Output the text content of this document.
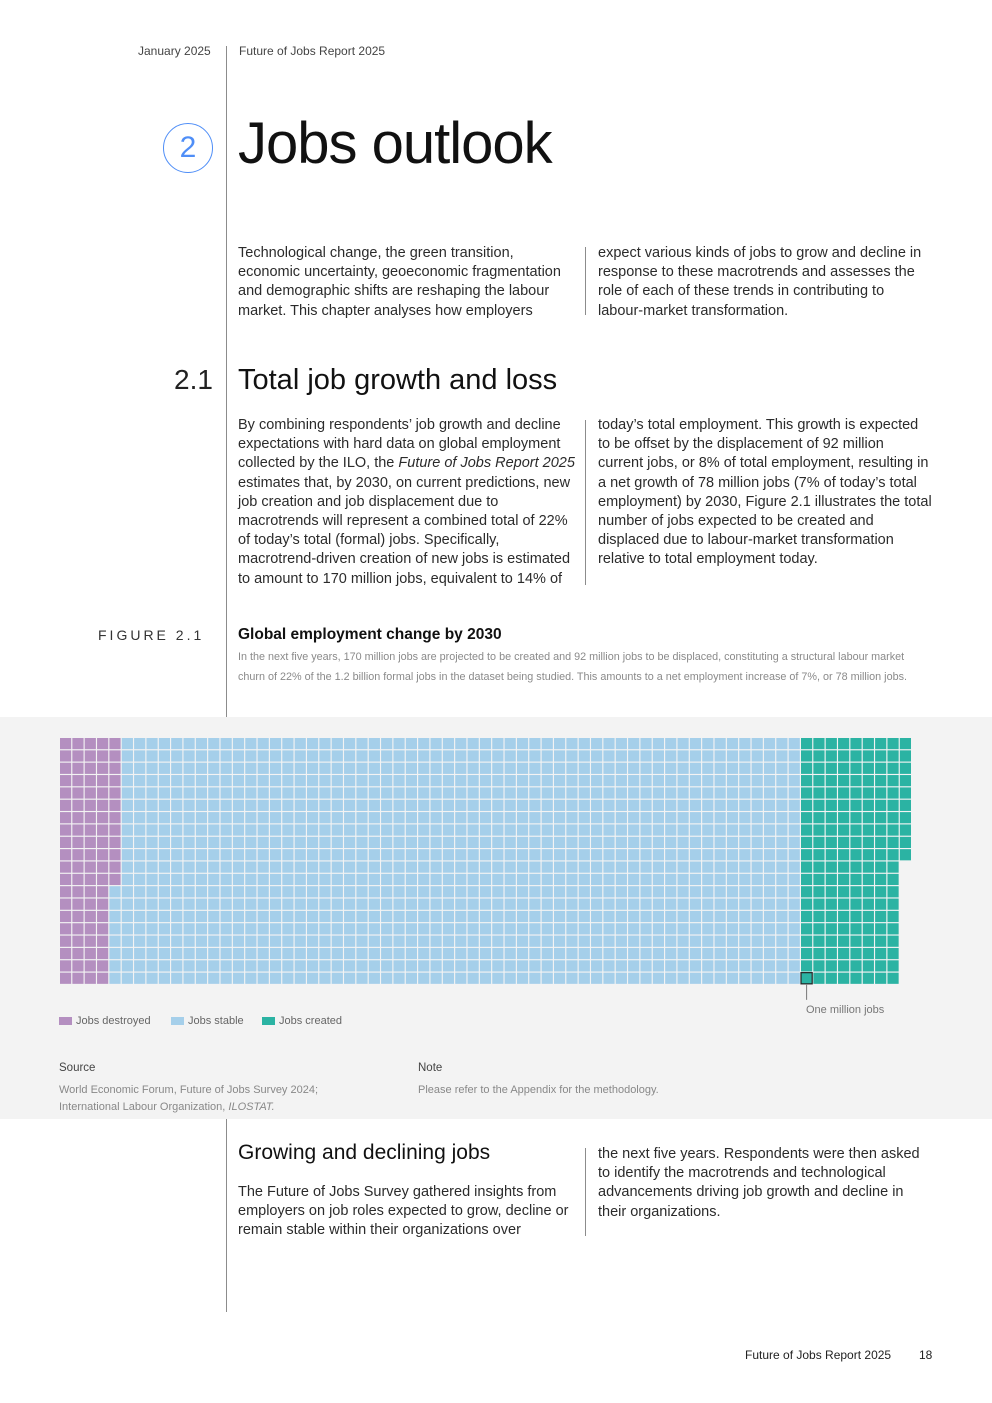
January 2025 Future of Jobs Report 2025
2 Jobs outlook
Technological change, the green transition, economic uncertainty, geoeconomic fragmentation and demographic shifts are reshaping the labour market. This chapter analyses how employers
expect various kinds of jobs to grow and decline in response to these macrotrends and assesses the role of each of these trends in contributing to labour-market transformation.
2.1 Total job growth and loss
By combining respondents’ job growth and decline expectations with hard data on global employment collected by the ILO, the Future of Jobs Report 2025 estimates that, by 2030, on current predictions, new job creation and job displacement due to macrotrends will represent a combined total of 22% of today’s total (formal) jobs. Specifically, macrotrend-driven creation of new jobs is estimated to amount to 170 million jobs, equivalent to 14% of
today’s total employment. This growth is expected to be offset by the displacement of 92 million current jobs, or 8% of total employment, resulting in a net growth of 78 million jobs (7% of today’s total employment) by 2030, Figure 2.1 illustrates the total number of jobs expected to be created and displaced due to labour-market transformation relative to total employment today.
FIGURE 2.1 Global employment change by 2030
In the next five years, 170 million jobs are projected to be created and 92 million jobs to be displaced, constituting a structural labour market churn of 22% of the 1.2 billion formal jobs in the dataset being studied. This amounts to a net employment increase of 7%, or 78 million jobs.
One million jobs
Jobs destroyed	Jobs stable	Jobs created
Source
World Economic Forum, Future of Jobs Survey 2024;
International Labour Organization, ILOSTAT.
Note
Please refer to the Appendix for the methodology.
Growing and declining jobs
The Future of Jobs Survey gathered insights from employers on job roles expected to grow, decline or remain stable within their organizations over
the next five years. Respondents were then asked to identify the macrotrends and technological advancements driving job growth and decline in their organizations.
Future of Jobs Report 2025 18
